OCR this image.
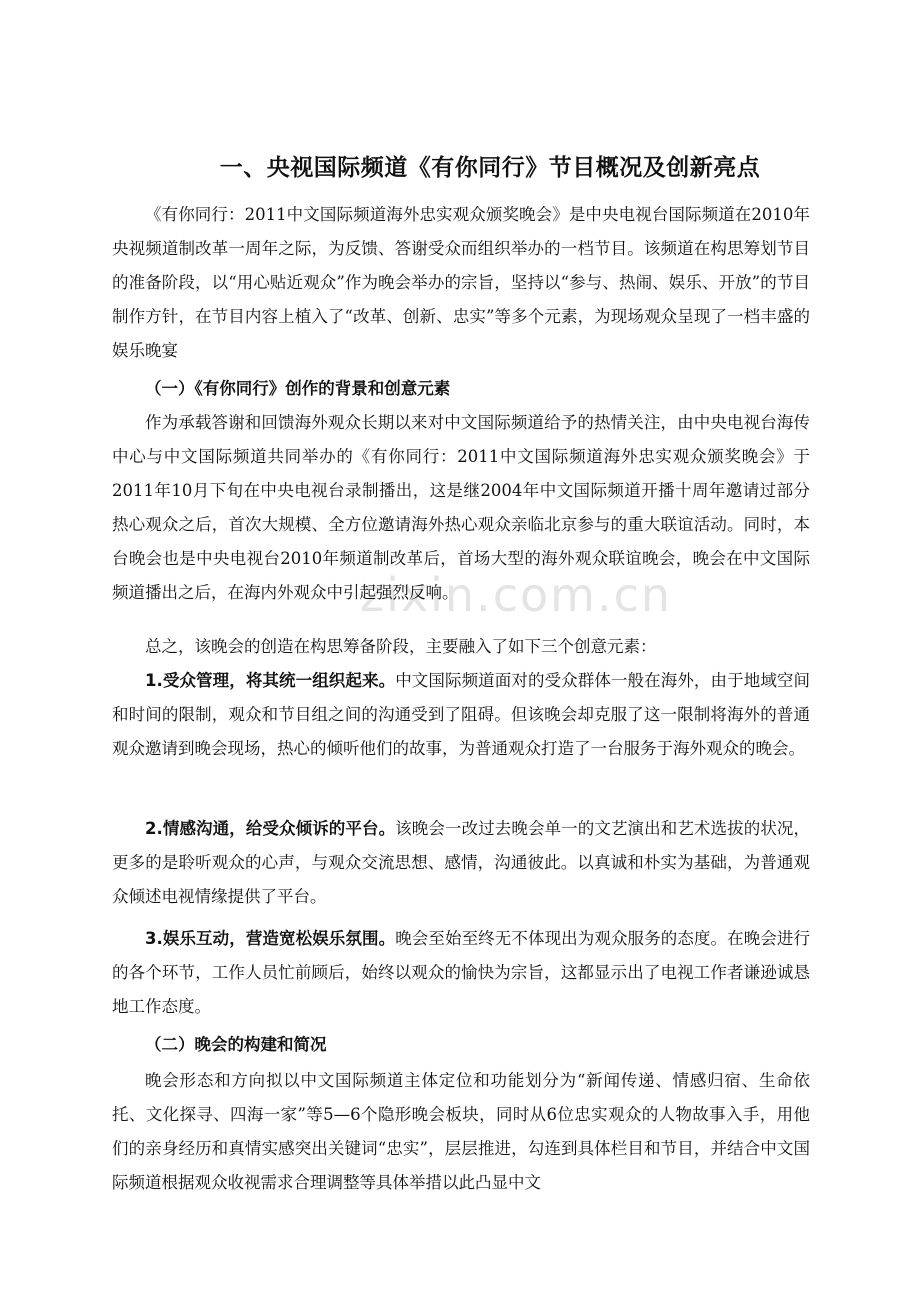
zixin.com.cn
一、央视国际频道《有你同行》节目概况及创新亮点

《有你同行：2011中文国际频道海外忠实观众颁奖晚会》是中央电视台国际频道在2010年央视频道制改革一周年之际，为反馈、答谢受众而组织举办的一档节目。该频道在构思筹划节目的准备阶段，以“用心贴近观众”作为晚会举办的宗旨，坚持以“参与、热闹、娱乐、开放”的节目制作方针，在节目内容上植入了“改革、创新、忠实”等多个元素，为现场观众呈现了一档丰盛的娱乐晚宴

（一）《有你同行》创作的背景和创意元素

作为承载答谢和回馈海外观众长期以来对中文国际频道给予的热情关注，由中央电视台海传中心与中文国际频道共同举办的《有你同行：2011中文国际频道海外忠实观众颁奖晚会》于2011年10月下旬在中央电视台录制播出，这是继2004年中文国际频道开播十周年邀请过部分热心观众之后，首次大规模、全方位邀请海外热心观众亲临北京参与的重大联谊活动。同时，本台晚会也是中央电视台2010年频道制改革后，首场大型的海外观众联谊晚会，晚会在中文国际频道播出之后，在海内外观众中引起强烈反响。

总之，该晚会的创造在构思筹备阶段，主要融入了如下三个创意元素：

1.受众管理，将其统一组织起来。中文国际频道面对的受众群体一般在海外，由于地域空间和时间的限制，观众和节目组之间的沟通受到了阻碍。但该晚会却克服了这一限制将海外的普通观众邀请到晚会现场，热心的倾听他们的故事，为普通观众打造了一台服务于海外观众的晚会。

2.情感沟通，给受众倾诉的平台。该晚会一改过去晚会单一的文艺演出和艺术选拔的状况，更多的是聆听观众的心声，与观众交流思想、感情，沟通彼此。以真诚和朴实为基础，为普通观众倾述电视情缘提供了平台。

3.娱乐互动，营造宽松娱乐氛围。晚会至始至终无不体现出为观众服务的态度。在晚会进行的各个环节，工作人员忙前顾后，始终以观众的愉快为宗旨，这都显示出了电视工作者谦逊诚恳地工作态度。

（二）晚会的构建和简况

晚会形态和方向拟以中文国际频道主体定位和功能划分为“新闻传递、情感归宿、生命依托、文化探寻、四海一家”等5—6个隐形晚会板块，同时从6位忠实观众的人物故事入手，用他们的亲身经历和真情实感突出关键词“忠实”，层层推进，勾连到具体栏目和节目，并结合中文国际频道根据观众收视需求合理调整等具体举措以此凸显中文
